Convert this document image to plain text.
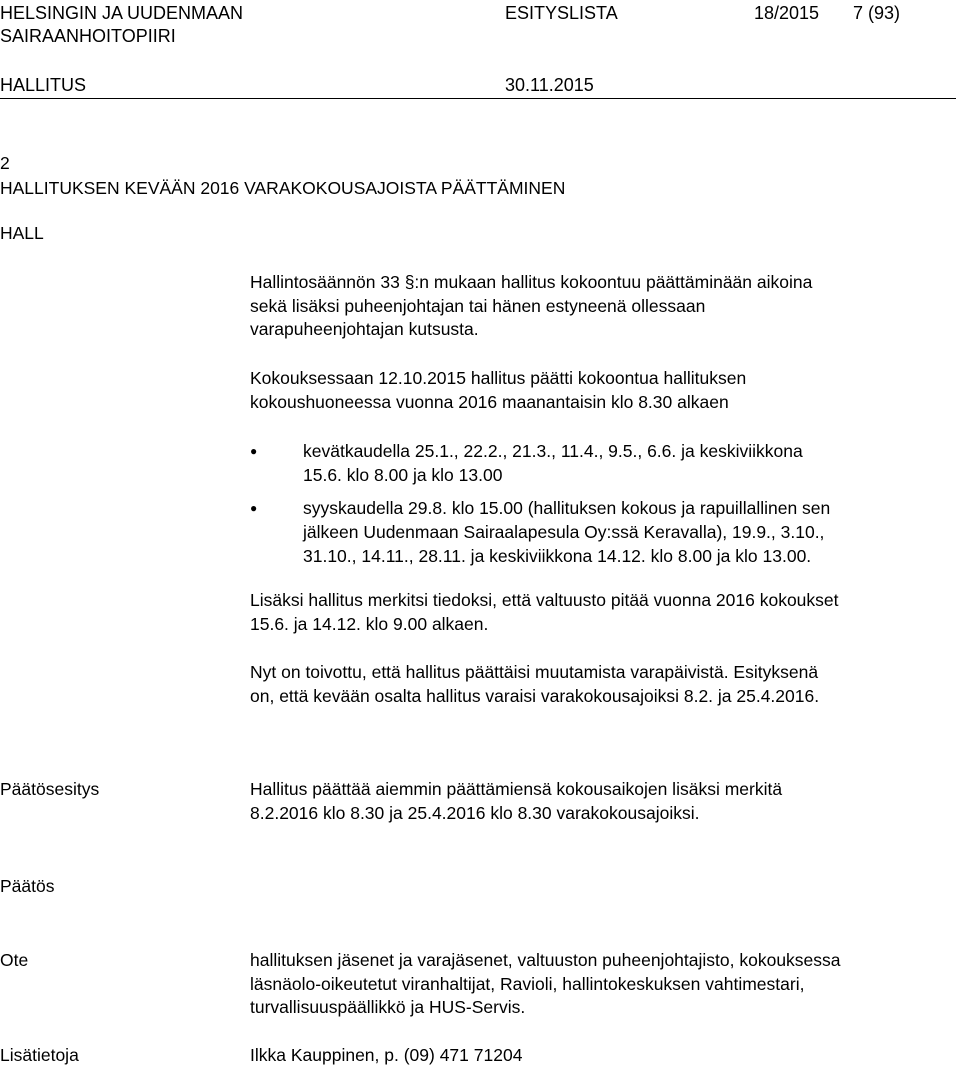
HELSINGIN JA UUDENMAAN
SAIRAANHOITOPIIRI
ESITYSLISTA	18/2015 7 (93)
HALLITUS	30.11.2015
2
HALLITUKSEN KEVÄÄN 2016 VARAKOKOUSAJOISTA PÄÄTTÄMINEN
HALL

Hallintosäännön 33 §:n mukaan hallitus kokoontuu päättäminään aikoina

sekä lisäksi puheenjohtajan tai hänen estyneenä ollessaan

varapuheenjohtajan kutsusta.

Kokouksessaan 12.10.2015 hallitus päätti kokoontua hallituksen

kokoushuoneessa vuonna 2016 maanantaisin klo 8.30 alkaen

●	kevätkaudella 25.1., 22.2., 21.3., 11.4., 9.5., 6.6. ja keskiviikkona
15.6. klo 8.00 ja klo 13.00
●	syyskaudella 29.8. klo 15.00 (hallituksen kokous ja rapuillallinen sen
jälkeen Uudenmaan Sairaalapesula Oy:ssä Keravalla), 19.9., 3.10.,
31.10., 14.11., 28.11. ja keskiviikkona 14.12. klo 8.00 ja klo 13.00.

Lisäksi hallitus merkitsi tiedoksi, että valtuusto pitää vuonna 2016 kokoukset

15.6. ja 14.12. klo 9.00 alkaen.

Nyt on toivottu, että hallitus päättäisi muutamista varapäivistä. Esityksenä

on, että kevään osalta hallitus varaisi varakokousajoiksi 8.2. ja 25.4.2016.

Päätösesitys	Hallitus päättää aiemmin päättämiensä kokousaikojen lisäksi merkitä

8.2.2016 klo 8.30 ja 25.4.2016 klo 8.30 varakokousajoiksi.

Päätös
Ote	hallituksen jäsenet ja varajäsenet, valtuuston puheenjohtajisto, kokouksessa

läsnäolo-oikeutetut viranhaltijat, Ravioli, hallintokeskuksen vahtimestari,

turvallisuuspäällikkö ja HUS-Servis.

Lisätietoja	Ilkka Kauppinen, p. (09) 471 71204
